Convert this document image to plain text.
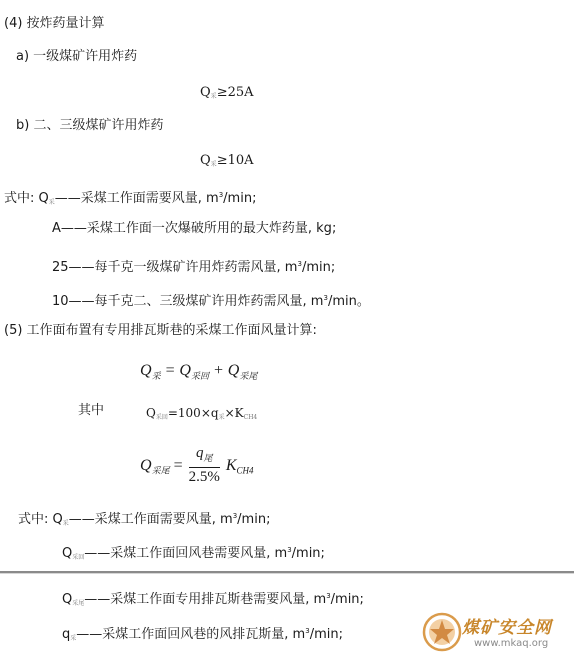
(4) 按炸药量计算
a) 一级煤矿许用炸药
$Q_采\ge 25A$
b) 二、三级煤矿许用炸药
$Q_采\ge 10A$
式中: $Q_采——$采煤工作面需要风量, $m^3/\min$;
A——采煤工作面一次爆破所用的最大炸药量, kg;
25——每千克一级煤矿许用炸药需风量, $m^3/\min$;
10——每千克二、三级煤矿许用炸药需风量, $m^3/\min$。
(5) 工作面布置有专用排瓦斯巷的采煤工作面风量计算:
$Q_采 = Q_{采回} + Q_{采尾}$
其中	$Q_{采回}=100\times q_采\times K_{CH4}$
$Q_{采尾} = \frac{q_尾}{2.5\%} K_{CH4}$
式中: $Q_采——$采煤工作面需要风量, $m^3/\min$;
$Q_{采回}——$采煤工作面回风巷需要风量, $m^3/\min$;
$Q_{采尾}——$采煤工作面专用排瓦斯巷需要风量, $m^3/\min$;
$q_采——$采煤工作面回风巷的风排瓦斯量, $m^3/\min$;	煤矿安全网
www.mkaq.org
